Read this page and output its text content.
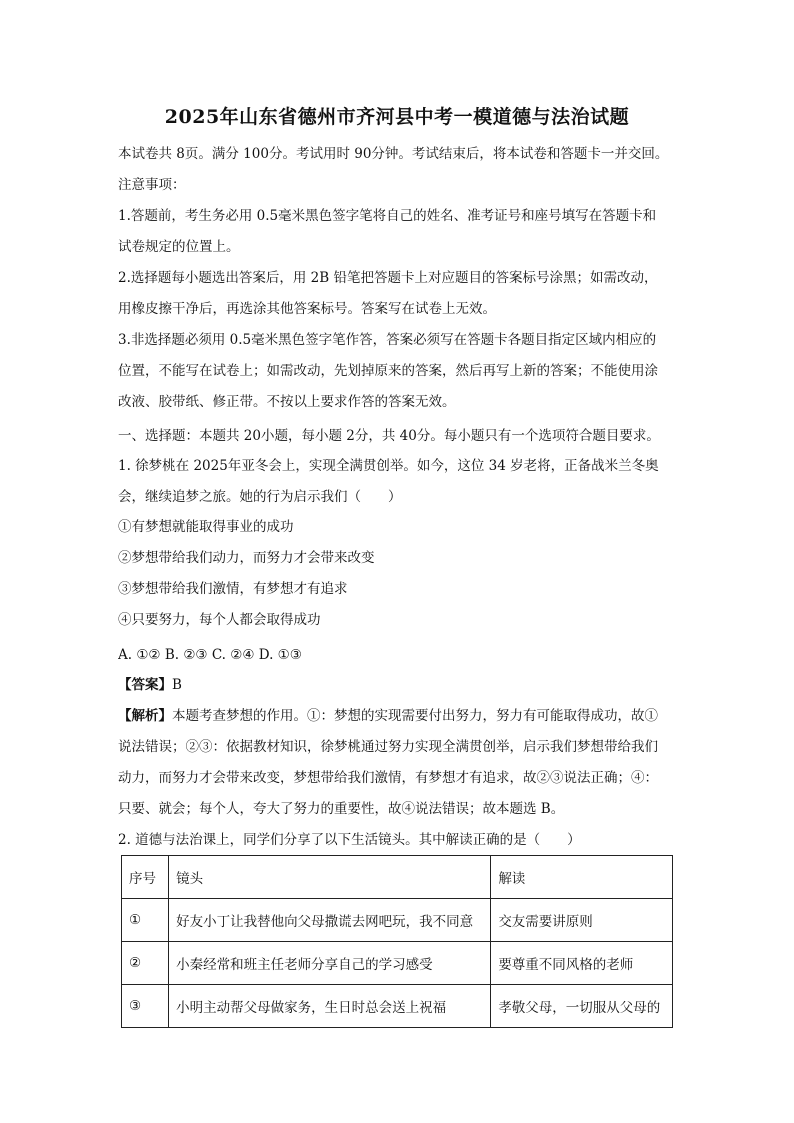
2025年山东省德州市齐河县中考一模道德与法治试题
本试卷共 8页。满分 100分。考试用时 90分钟。考试结束后，将本试卷和答题卡一并交回。
注意事项：
1.答题前，考生务必用 0.5毫米黑色签字笔将自己的姓名、准考证号和座号填写在答题卡和
试卷规定的位置上。
2.选择题每小题选出答案后，用 2B 铅笔把答题卡上对应题目的答案标号涂黑；如需改动，
用橡皮擦干净后，再选涂其他答案标号。答案写在试卷上无效。
3.非选择题必须用 0.5毫米黑色签字笔作答，答案必须写在答题卡各题目指定区域内相应的
位置，不能写在试卷上；如需改动，先划掉原来的答案，然后再写上新的答案；不能使用涂
改液、胶带纸、修正带。不按以上要求作答的答案无效。
一、选择题：本题共 20小题，每小题 2分，共 40分。每小题只有一个选项符合题目要求。
1. 徐梦桃在 2025年亚冬会上，实现全满贯创举。如今，这位 34 岁老将，正备战米兰冬奥
会，继续追梦之旅。她的行为启示我们（　　）
①有梦想就能取得事业的成功
②梦想带给我们动力，而努力才会带来改变
③梦想带给我们激情，有梦想才有追求
④只要努力，每个人都会取得成功
A. ①② B. ②③ C. ②④ D. ①③
【答案】B
【解析】本题考查梦想的作用。①：梦想的实现需要付出努力，努力有可能取得成功，故①
说法错误；②③：依据教材知识，徐梦桃通过努力实现全满贯创举，启示我们梦想带给我们
动力，而努力才会带来改变，梦想带给我们激情，有梦想才有追求，故②③说法正确；④：
只要、就会；每个人，夸大了努力的重要性，故④说法错误；故本题选 B。
2. 道德与法治课上，同学们分享了以下生活镜头。其中解读正确的是（　　）
序号	镜头	解读
①	好友小丁让我替他向父母撒谎去网吧玩，我不同意	交友需要讲原则
②	小秦经常和班主任老师分享自己的学习感受	要尊重不同风格的老师
③	小明主动帮父母做家务，生日时总会送上祝福	孝敬父母，一切服从父母的
